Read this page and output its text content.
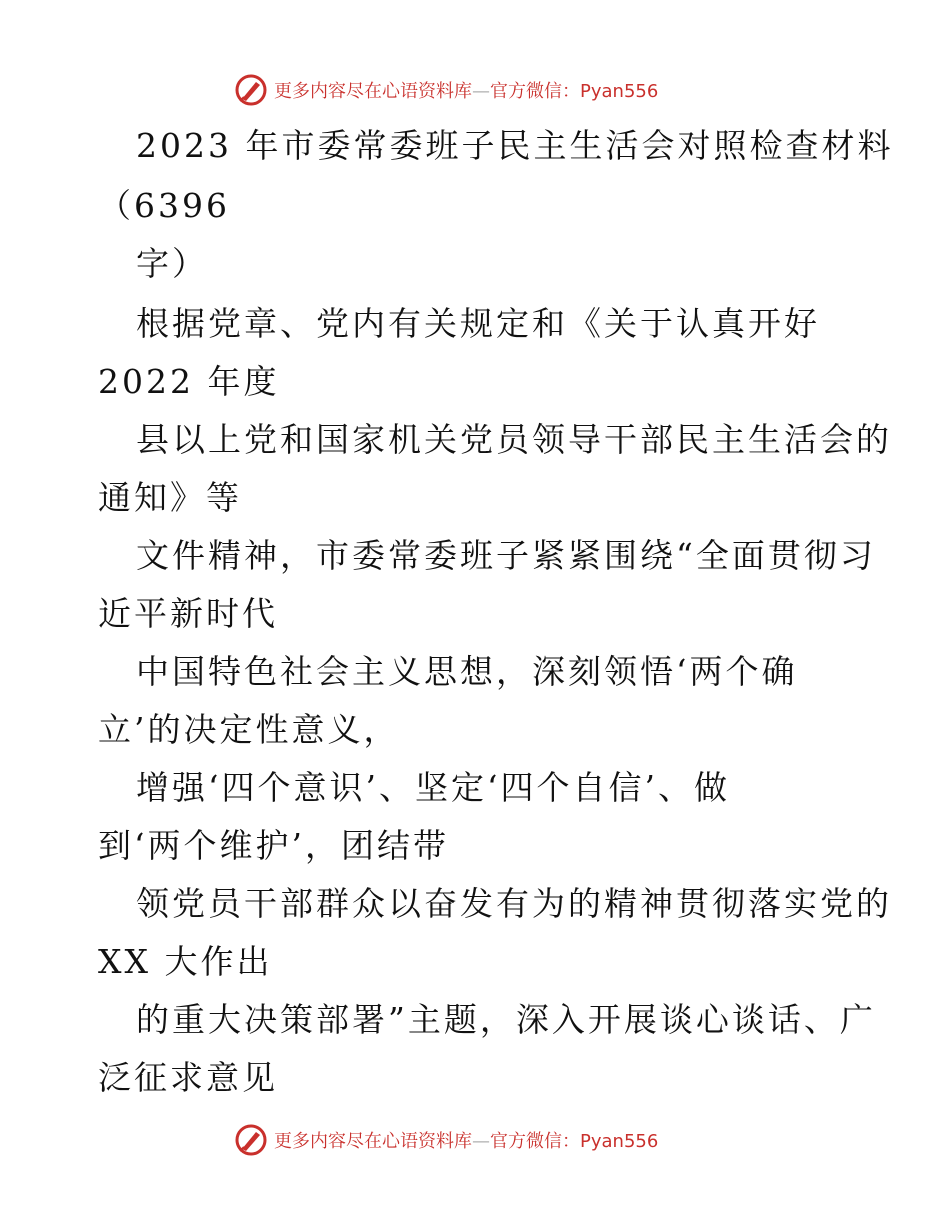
更多内容尽在心语资料库—官方微信：Pyan556
2023 年市委常委班子民主生活会对照检查材料
（6396
字）
根据党章、党内有关规定和《关于认真开好
2022 年度
县以上党和国家机关党员领导干部民主生活会的
通知》等
文件精神，市委常委班子紧紧围绕“全面贯彻习
近平新时代
中国特色社会主义思想，深刻领悟‘两个确
立’的决定性意义，
增强‘四个意识’、坚定‘四个自信’、做
到‘两个维护’，团结带
领党员干部群众以奋发有为的精神贯彻落实党的
XX 大作出
的重大决策部署”主题，深入开展谈心谈话、广
泛征求意见
更多内容尽在心语资料库—官方微信：Pyan556
